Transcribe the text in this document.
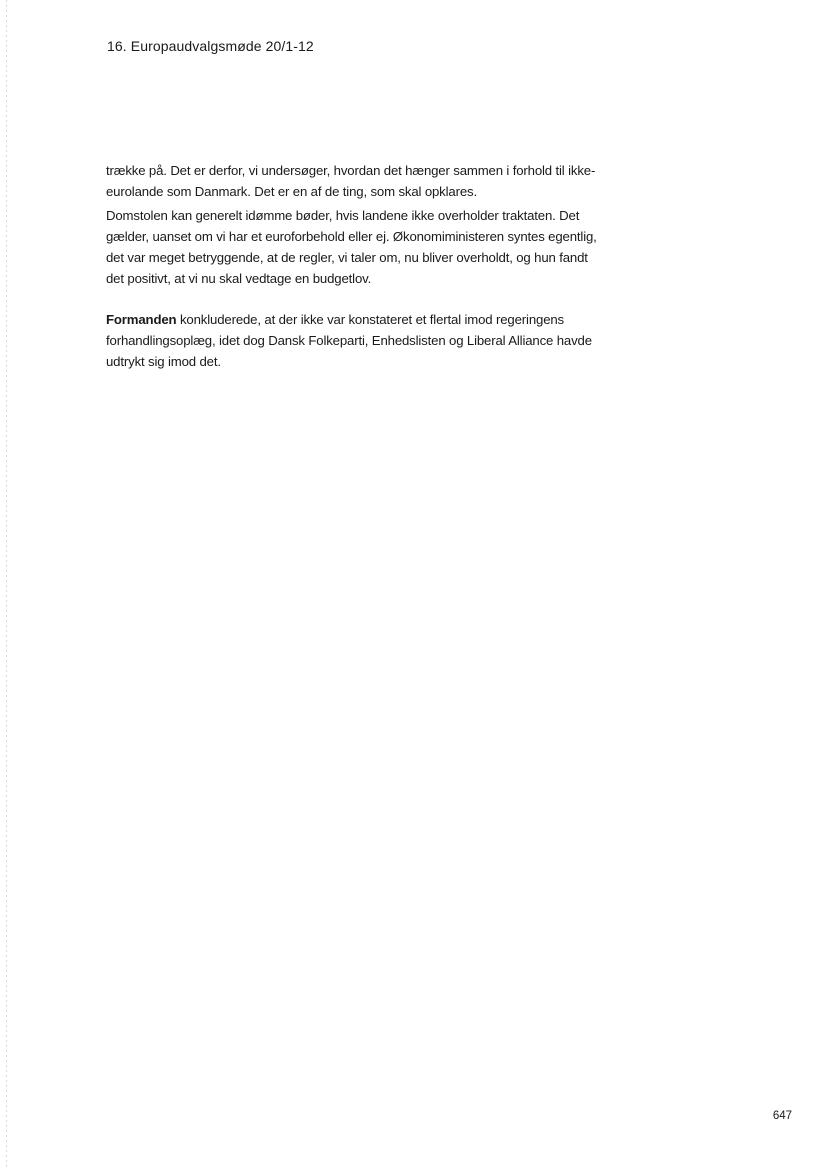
16. Europaudvalgsmøde 20/1-12

trække på. Det er derfor, vi undersøger, hvordan det hænger sammen i forhold til ikke-eurolande som Danmark. Det er en af de ting, som skal opklares.

Domstolen kan generelt idømme bøder, hvis landene ikke overholder traktaten. Det gælder, uanset om vi har et euroforbehold eller ej. Økonomiministeren syntes egentlig, det var meget betryggende, at de regler, vi taler om, nu bliver overholdt, og hun fandt det positivt, at vi nu skal vedtage en budgetlov.

Formanden konkluderede, at der ikke var konstateret et flertal imod regeringens forhandlingsoplæg, idet dog Dansk Folkeparti, Enhedslisten og Liberal Alliance havde udtrykt sig imod det.

647
